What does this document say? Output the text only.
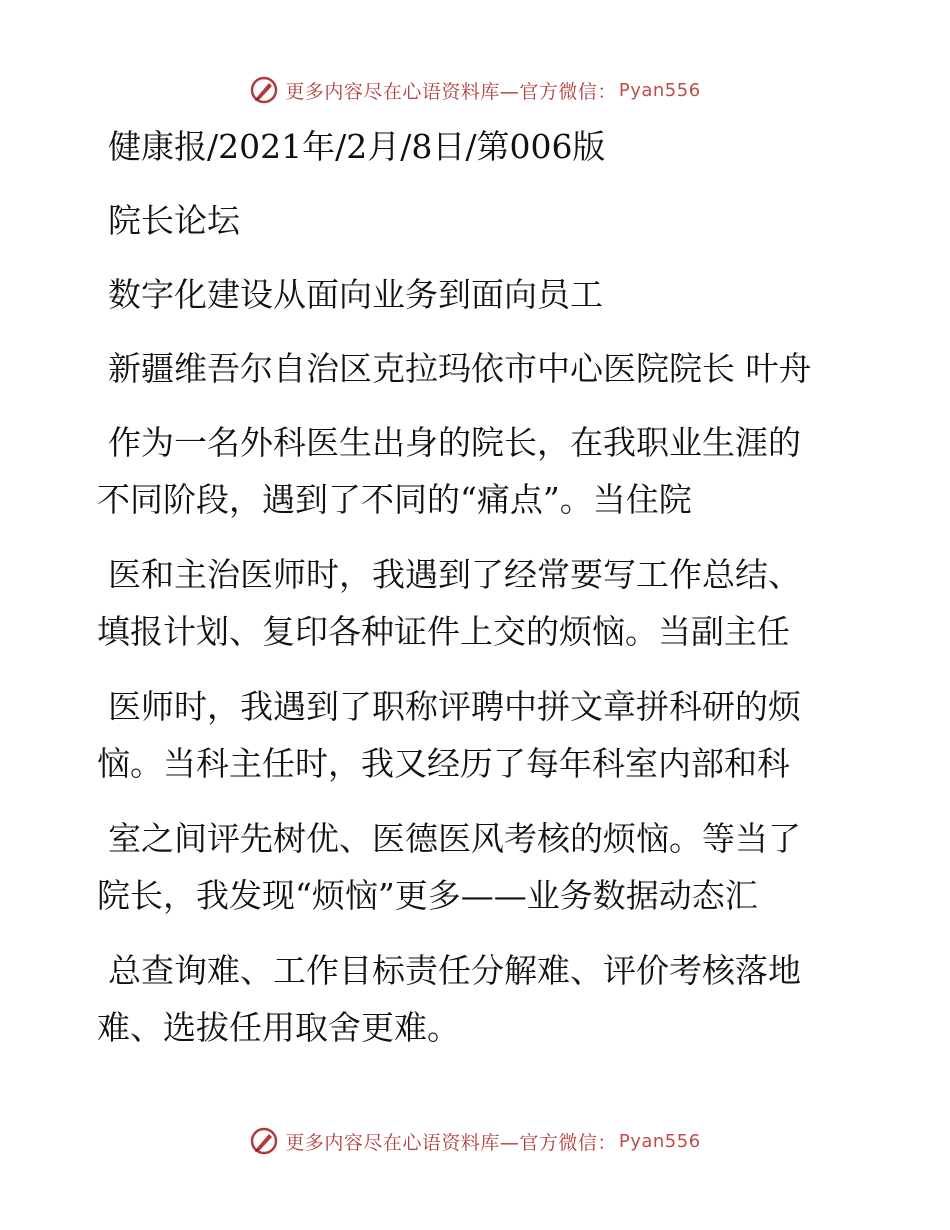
更多内容尽在心语资料库—官方微信： Pyan556
健康报/2021年/2月/8日/第006版
院长论坛
数字化建设从面向业务到面向员工
新疆维吾尔自治区克拉玛依市中心医院院长 叶舟
作为一名外科医生出身的院长，在我职业生涯的
不同阶段，遇到了不同的“痛点”。当住院
医和主治医师时，我遇到了经常要写工作总结、
填报计划、复印各种证件上交的烦恼。当副主任
医师时，我遇到了职称评聘中拼文章拼科研的烦
恼。当科主任时，我又经历了每年科室内部和科
室之间评先树优、医德医风考核的烦恼。等当了
院长，我发现“烦恼”更多——业务数据动态汇
总查询难、工作目标责任分解难、评价考核落地
难、选拔任用取舍更难。
更多内容尽在心语资料库—官方微信： Pyan556
